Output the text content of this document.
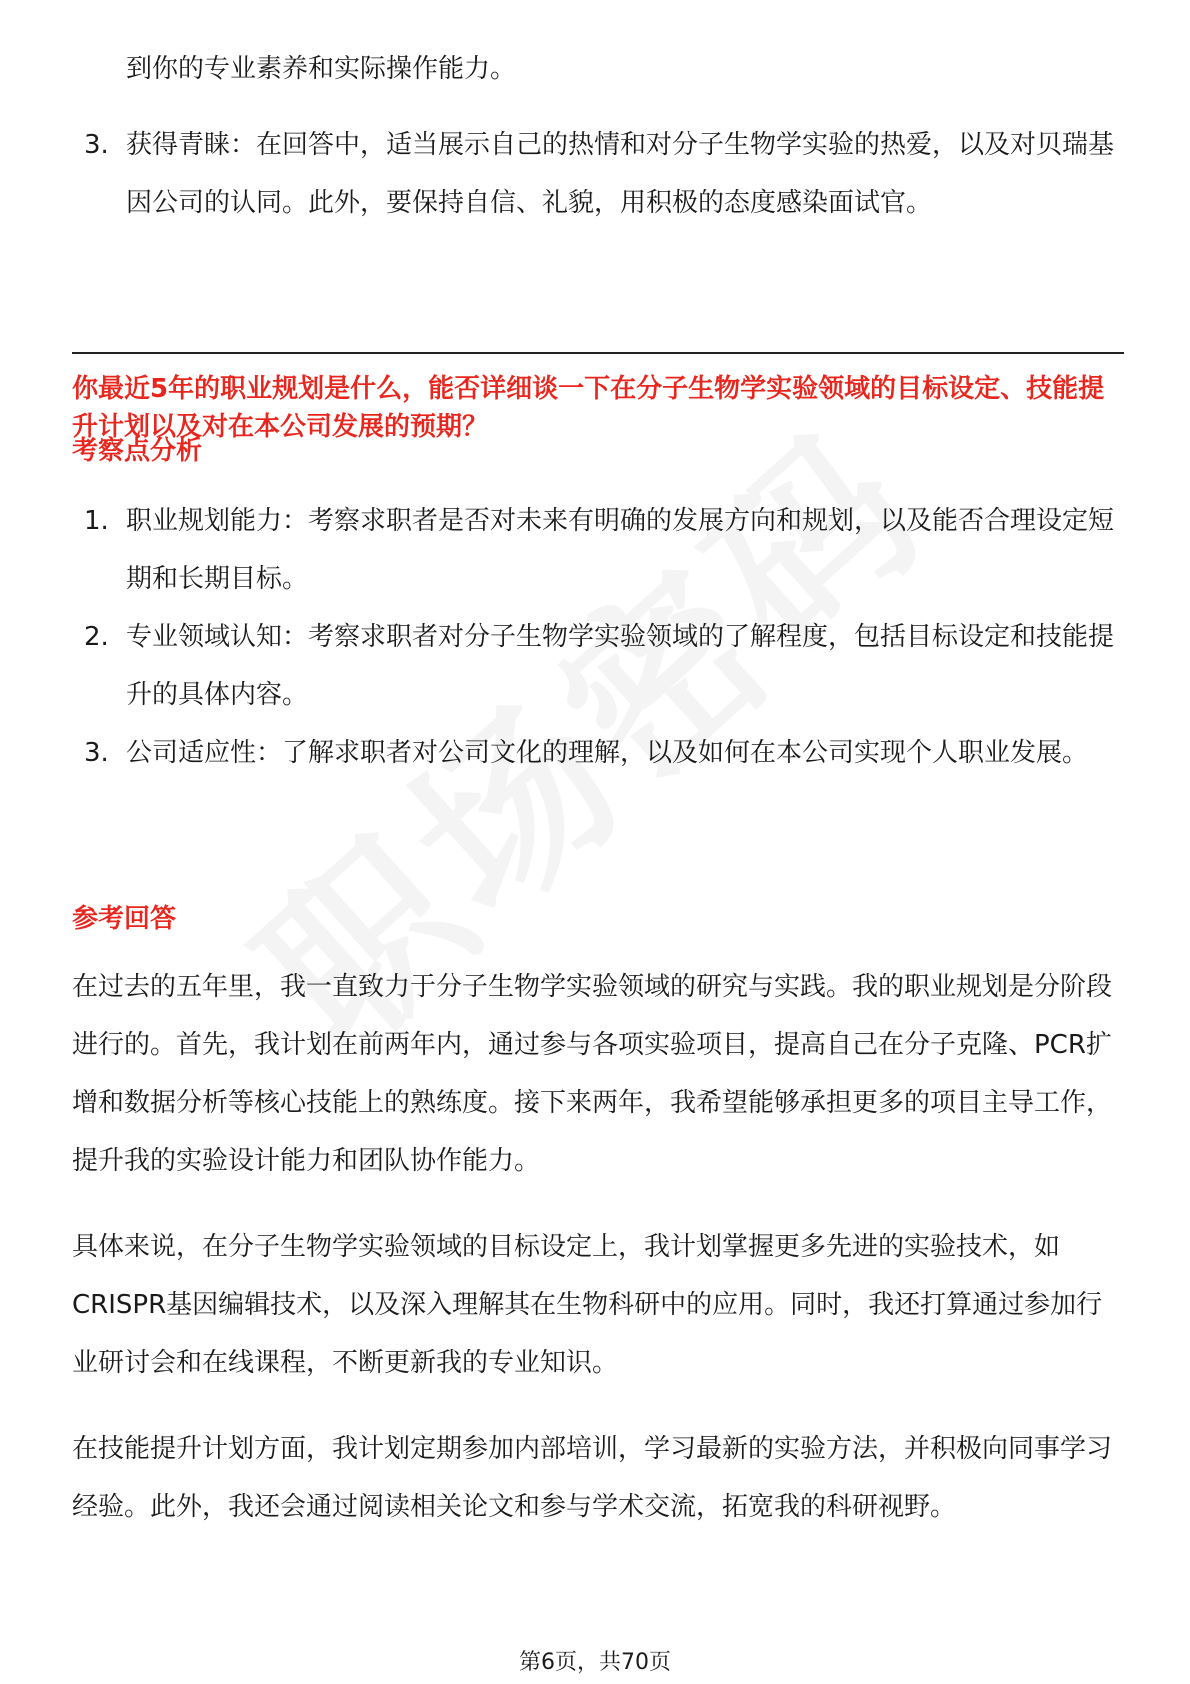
到你的专业素养和实际操作能力。
3. 获得青睐：在回答中，适当展示自己的热情和对分子生物学实验的热爱，以及对贝瑞基因公司的认同。此外，要保持自信、礼貌，用积极的态度感染面试官。
你最近5年的职业规划是什么，能否详细谈一下在分子生物学实验领域的目标设定、技能提升计划以及对在本公司发展的预期？
考察点分析
1. 职业规划能力：考察求职者是否对未来有明确的发展方向和规划，以及能否合理设定短期和长期目标。
2. 专业领域认知：考察求职者对分子生物学实验领域的了解程度，包括目标设定和技能提升的具体内容。
3. 公司适应性：了解求职者对公司文化的理解，以及如何在本公司实现个人职业发展。
参考回答
在过去的五年里，我一直致力于分子生物学实验领域的研究与实践。我的职业规划是分阶段进行的。首先，我计划在前两年内，通过参与各项实验项目，提高自己在分子克隆、PCR扩增和数据分析等核心技能上的熟练度。接下来两年，我希望能够承担更多的项目主导工作，提升我的实验设计能力和团队协作能力。
具体来说，在分子生物学实验领域的目标设定上，我计划掌握更多先进的实验技术，如CRISPR基因编辑技术，以及深入理解其在生物科研中的应用。同时，我还打算通过参加行业研讨会和在线课程，不断更新我的专业知识。
在技能提升计划方面，我计划定期参加内部培训，学习最新的实验方法，并积极向同事学习经验。此外，我还会通过阅读相关论文和参与学术交流，拓宽我的科研视野。
第6页，共70页
